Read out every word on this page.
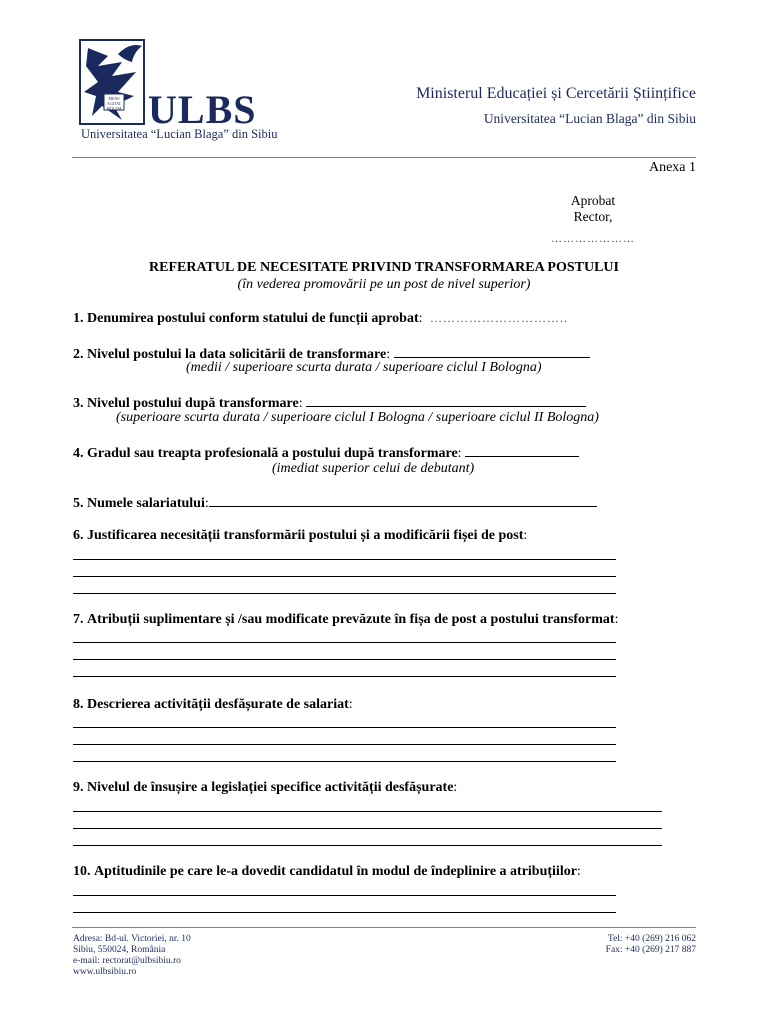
MENS AGITAT MOLEM ULBS
Universitatea “Lucian Blaga” din Sibiu
Ministerul Educației și Cercetării Științifice
Universitatea “Lucian Blaga” din Sibiu
Anexa 1
Aprobat
Rector,
…………………
REFERATUL DE NECESITATE PRIVIND TRANSFORMAREA POSTULUI
(în vederea promovării pe un post de nivel superior)
1. Denumirea postului conform statului de funcții aprobat: …………………………..
2. Nivelul postului la data solicitării de transformare:
(medii / superioare scurta durata / superioare ciclul I Bologna)
3. Nivelul postului după transformare:
(superioare scurta durata / superioare ciclul I Bologna / superioare ciclul II Bologna)
4. Gradul sau treapta profesională a postului după transformare:
(imediat superior celui de debutant)
5. Numele salariatului:
6. Justificarea necesității transformării postului și a modificării fișei de post:
7. Atribuții suplimentare și /sau modificate prevăzute în fișa de post a postului transformat:
8. Descrierea activității desfășurate de salariat:
9. Nivelul de însușire a legislației specifice activității desfășurate:
10. Aptitudinile pe care le-a dovedit candidatul în modul de îndeplinire a atribuțiilor:
Adresa: Bd-ul. Victoriei, nr. 10
Sibiu, 550024, România
e-mail: rectorat@ulbsibiu.ro
www.ulbsibiu.ro
Tel: +40 (269) 216 062
Fax: +40 (269) 217 887
